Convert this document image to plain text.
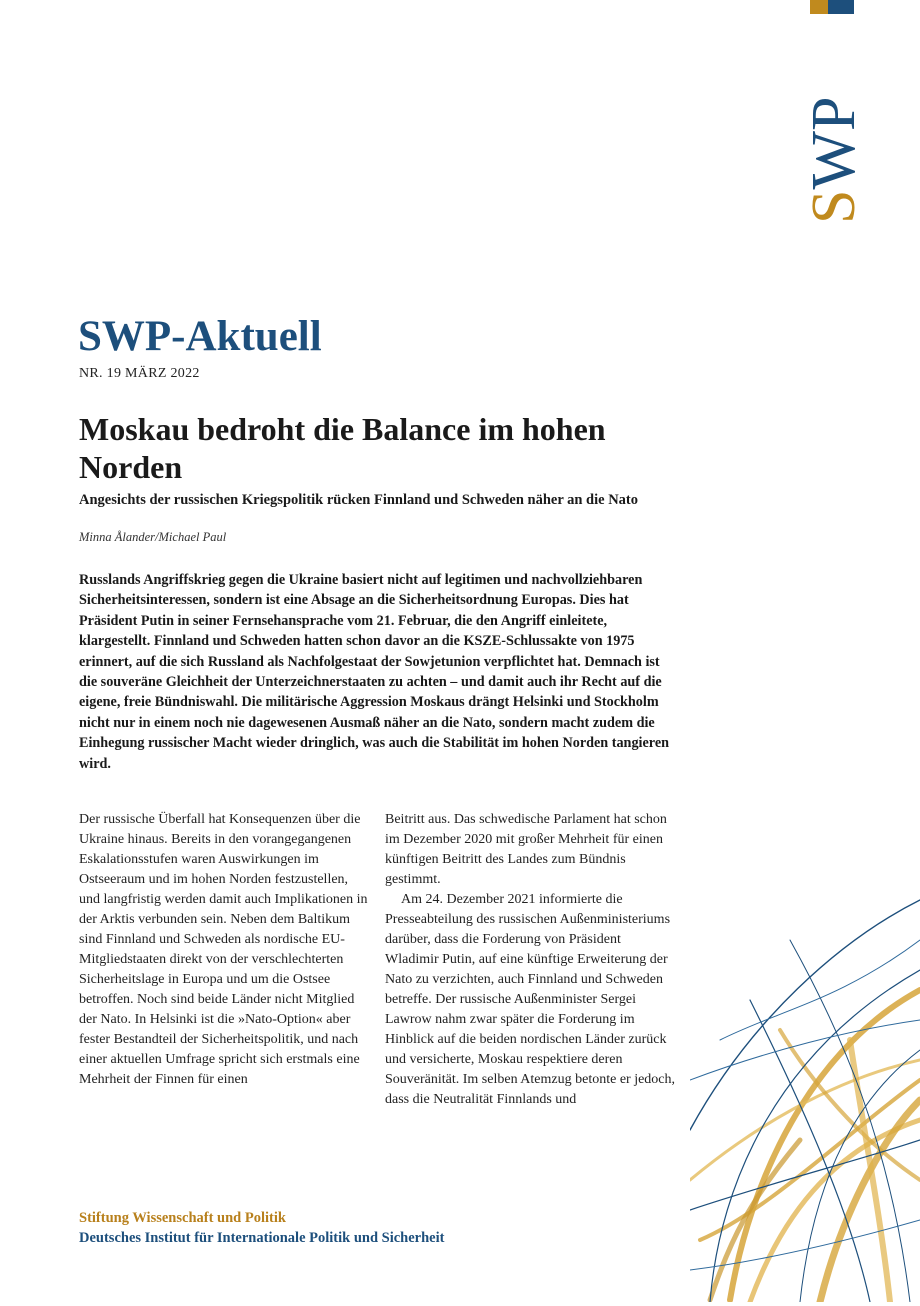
SWP
SWP-Aktuell
NR. 19 MÄRZ 2022
Moskau bedroht die Balance im hohen Norden
Angesichts der russischen Kriegspolitik rücken Finnland und Schweden näher an die Nato
Minna Ålander/Michael Paul
Russlands Angriffskrieg gegen die Ukraine basiert nicht auf legitimen und nachvollziehbaren Sicherheitsinteressen, sondern ist eine Absage an die Sicherheitsordnung Europas. Dies hat Präsident Putin in seiner Fernsehansprache vom 21. Februar, die den Angriff einleitete, klargestellt. Finnland und Schweden hatten schon davor an die KSZE-Schlussakte von 1975 erinnert, auf die sich Russland als Nachfolgestaat der Sowjetunion verpflichtet hat. Demnach ist die souveräne Gleichheit der Unterzeichnerstaaten zu achten – und damit auch ihr Recht auf die eigene, freie Bündniswahl. Die militärische Aggression Moskaus drängt Helsinki und Stockholm nicht nur in einem noch nie dagewesenen Ausmaß näher an die Nato, sondern macht zudem die Einhegung russischer Macht wieder dringlich, was auch die Stabilität im hohen Norden tangieren wird.

Der russische Überfall hat Konsequenzen über die Ukraine hinaus. Bereits in den vorangegangenen Eskalationsstufen waren Auswirkungen im Ostseeraum und im hohen Norden festzustellen, und langfristig werden damit auch Implikationen in der Arktis verbunden sein. Neben dem Baltikum sind Finnland und Schweden als nordische EU-Mitgliedstaaten direkt von der verschlechterten Sicherheitslage in Europa und um die Ostsee betroffen. Noch sind beide Länder nicht Mitglied der Nato. In Helsinki ist die »Nato-Option« aber fester Bestandteil der Sicherheitspolitik, und nach einer aktuellen Umfrage spricht sich erstmals eine Mehrheit der Finnen für einen

Beitritt aus. Das schwedische Parlament hat schon im Dezember 2020 mit großer Mehrheit für einen künftigen Beitritt des Landes zum Bündnis gestimmt.

Am 24. Dezember 2021 informierte die Presseabteilung des russischen Außenministeriums darüber, dass die Forderung von Präsident Wladimir Putin, auf eine künftige Erweiterung der Nato zu verzichten, auch Finnland und Schweden betreffe. Der russische Außenminister Sergei Lawrow nahm zwar später die Forderung im Hinblick auf die beiden nordischen Länder zurück und versicherte, Moskau respektiere deren Souveränität. Im selben Atemzug betonte er jedoch, dass die Neutralität Finnlands und

Stiftung Wissenschaft und Politik
Deutsches Institut für Internationale Politik und Sicherheit
